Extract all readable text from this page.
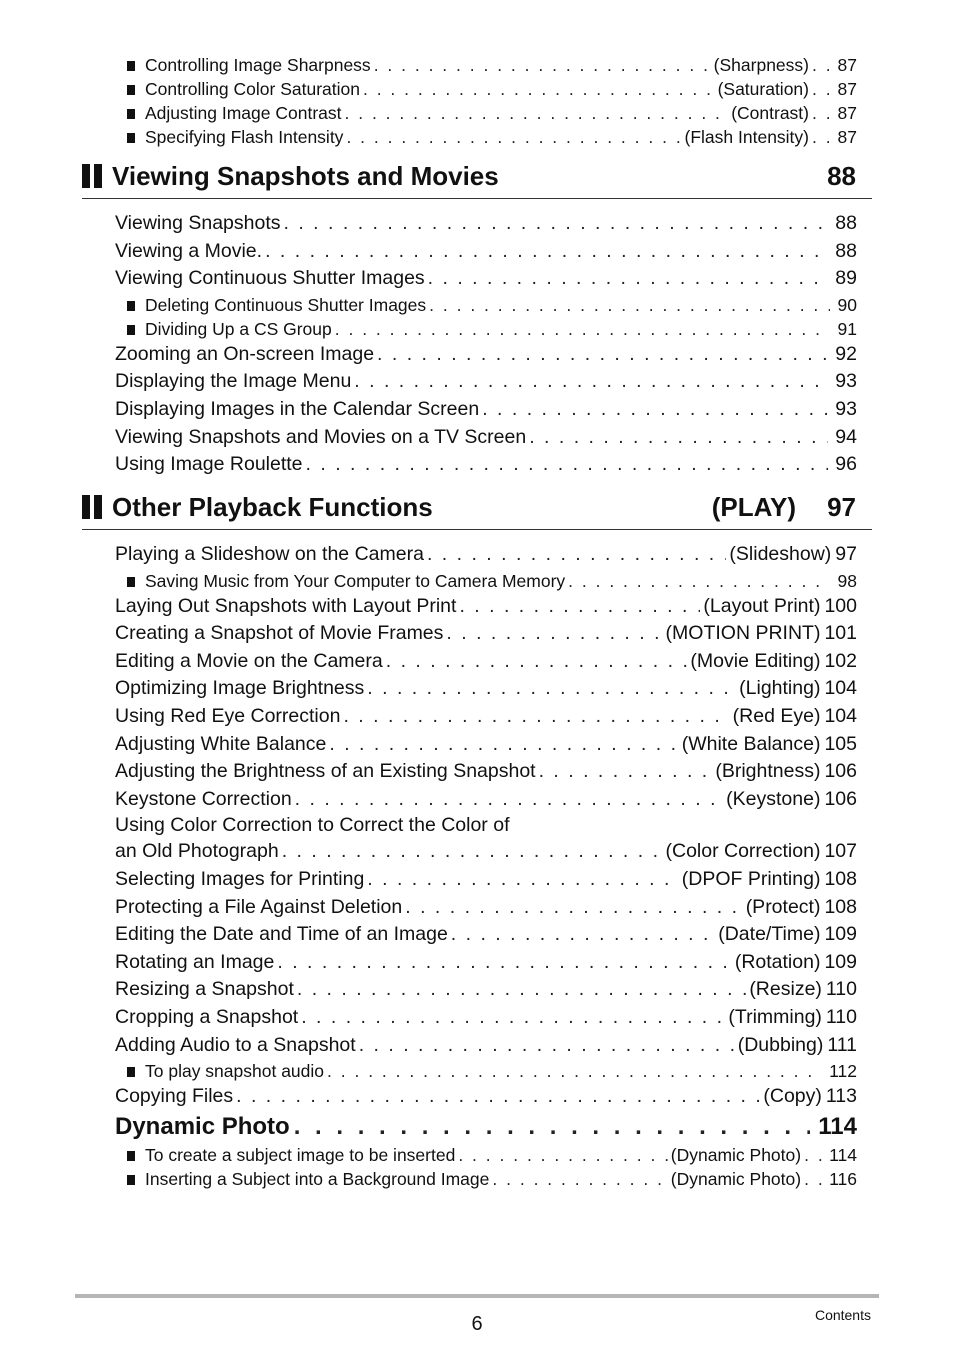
Controlling Image Sharpness . . .	(Sharpness) . . . 87
Controlling Color Saturation . . .	(Saturation) . . . 87
Adjusting Image Contrast . . .	(Contrast) . . . 87
Specifying Flash Intensity . . .	(Flash Intensity) . . . 87
Viewing Snapshots and Movies	88
Viewing Snapshots . . .	88
Viewing a Movie. . . .	88
Viewing Continuous Shutter Images . . .	89
Deleting Continuous Shutter Images . . .	90
Dividing Up a CS Group . . .	91
Zooming an On-screen Image . . .	92
Displaying the Image Menu . . .	93
Displaying Images in the Calendar Screen . . .	93
Viewing Snapshots and Movies on a TV Screen . . .	94
Using Image Roulette . . .	96
Other Playback Functions	(PLAY) 97
Playing a Slideshow on the Camera . . .	(Slideshow) 97
Saving Music from Your Computer to Camera Memory . . .	98
Laying Out Snapshots with Layout Print . . .	(Layout Print) 100
Creating a Snapshot of Movie Frames . . .	(MOTION PRINT) 101
Editing a Movie on the Camera . . .	(Movie Editing) 102
Optimizing Image Brightness . . .	(Lighting) 104
Using Red Eye Correction . . .	(Red Eye) 104
Adjusting White Balance . . .	(White Balance) 105
Adjusting the Brightness of an Existing Snapshot . . .	(Brightness) 106
Keystone Correction . . .	(Keystone) 106
Using Color Correction to Correct the Color of
an Old Photograph . . .	(Color Correction) 107
Selecting Images for Printing . . .	(DPOF Printing) 108
Protecting a File Against Deletion . . .	(Protect) 108
Editing the Date and Time of an Image . . .	(Date/Time) 109
Rotating an Image . . .	(Rotation) 109
Resizing a Snapshot . . .	(Resize) 110
Cropping a Snapshot . . .	(Trimming) 110
Adding Audio to a Snapshot . . .	(Dubbing) 111
To play snapshot audio . . .	112
Copying Files . . .	(Copy) 113
Dynamic Photo . . .	114
To create a subject image to be inserted . . .	(Dynamic Photo) . . . 114
Inserting a Subject into a Background Image . . .	(Dynamic Photo) . . . 116
6	Contents
